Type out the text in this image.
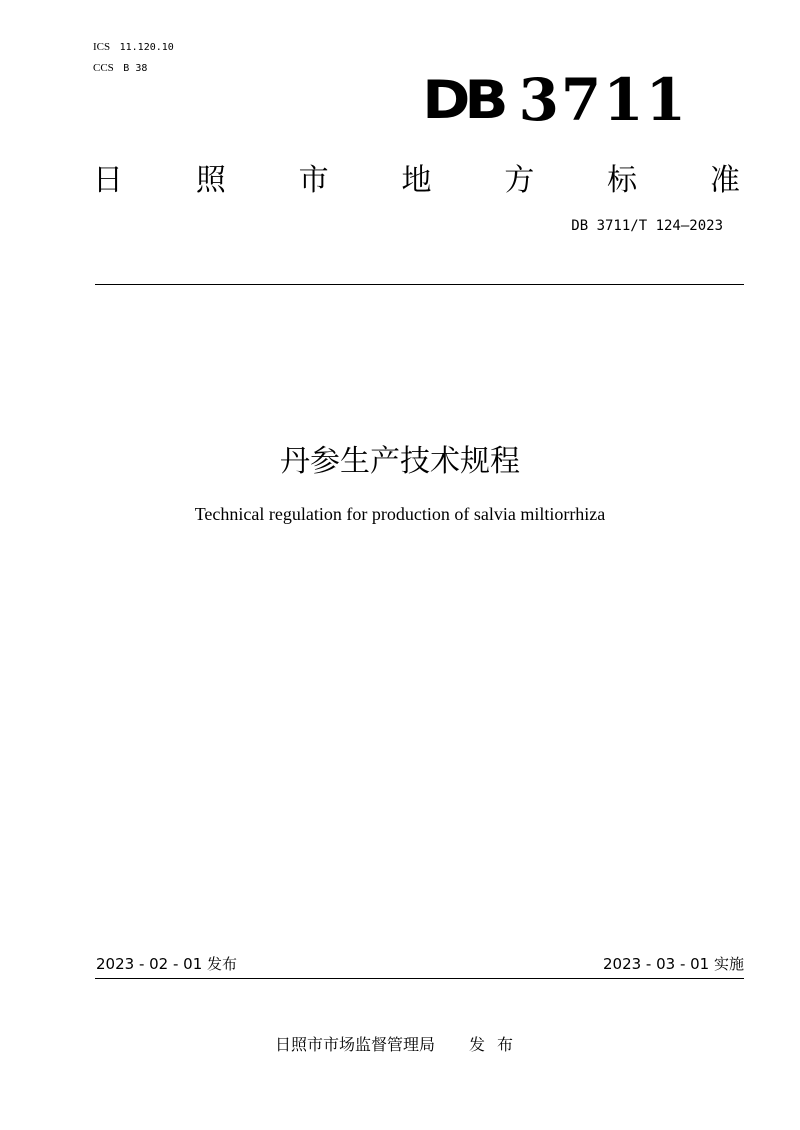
ICS 11.120.10
CCS B 38
DB 3711
日 照 市 地 方 标 准
DB 3711/T 124—2023
丹参生产技术规程
Technical regulation for production of salvia miltiorrhiza
2023 - 02 - 01 发布	2023 - 03 - 01 实施
日照市市场监督管理局 发布
